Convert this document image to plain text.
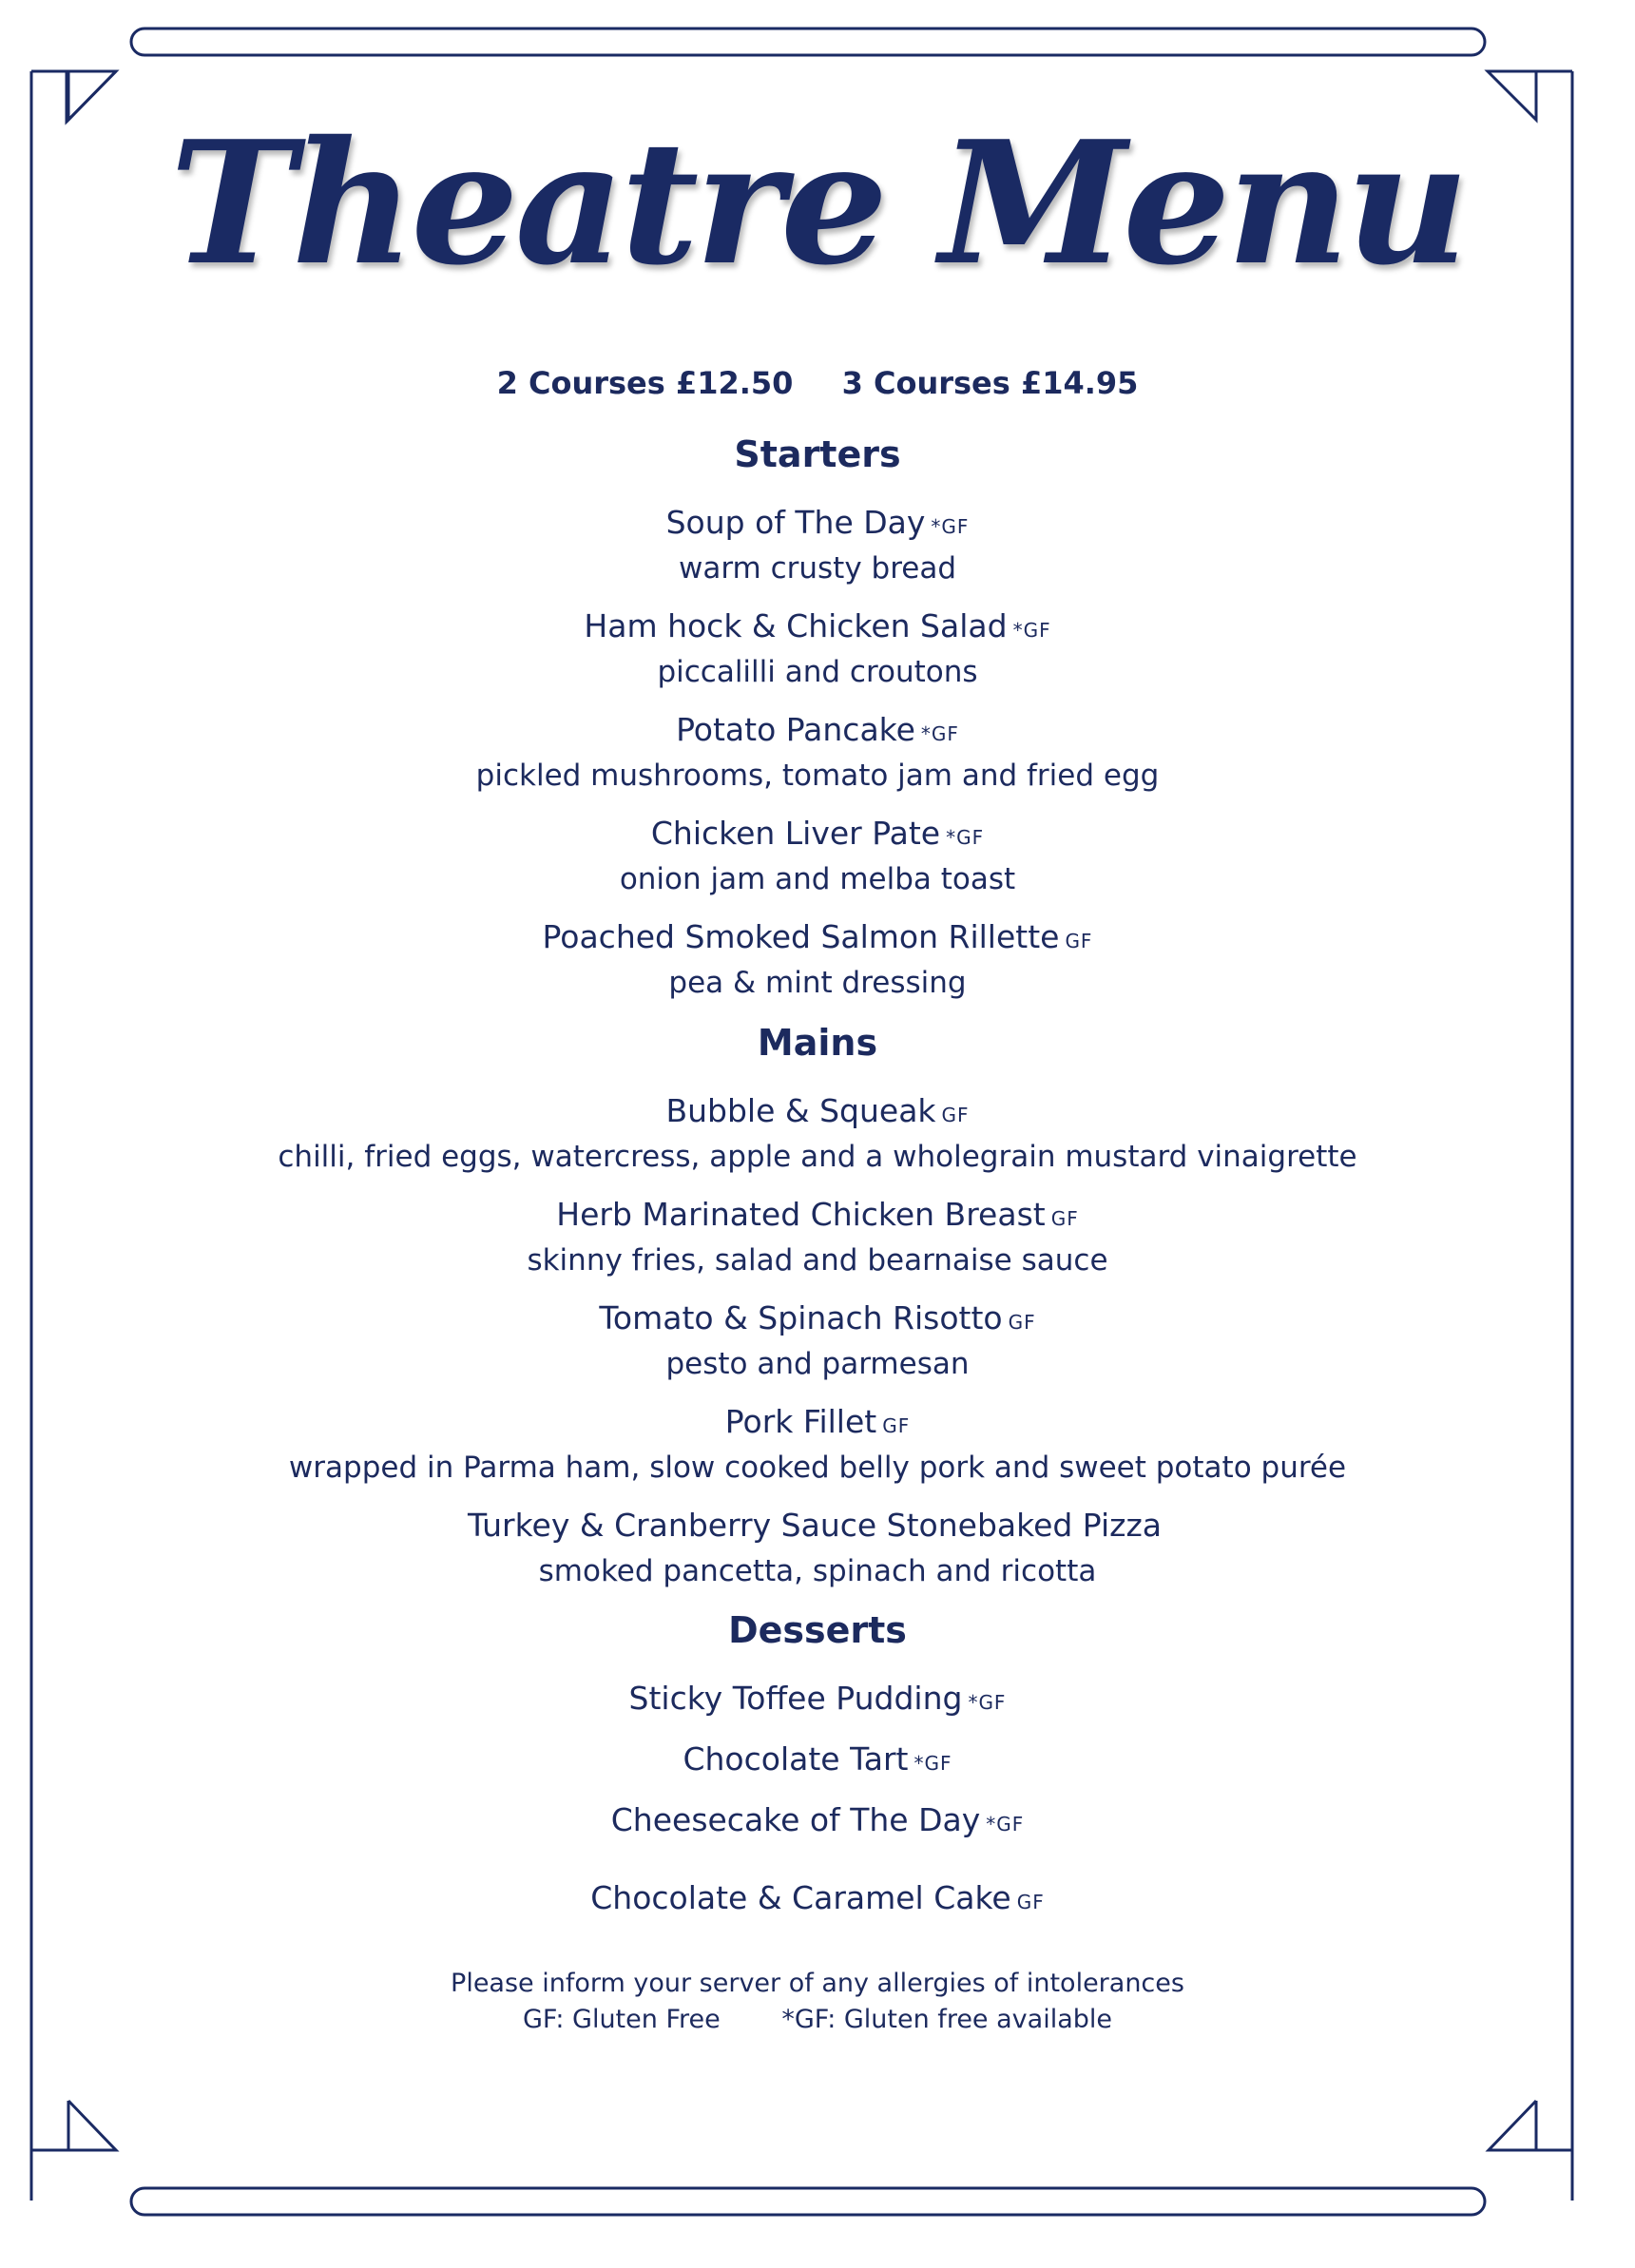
Theatre Menu
2 Courses £12.50 3 Courses £14.95
Starters
Soup of The Day *GF
warm crusty bread
Ham hock & Chicken Salad *GF
piccalilli and croutons
Potato Pancake *GF
pickled mushrooms, tomato jam and fried egg
Chicken Liver Pate *GF
onion jam and melba toast
Poached Smoked Salmon Rillette GF
pea & mint dressing
Mains
Bubble & Squeak GF
chilli, fried eggs, watercress, apple and a wholegrain mustard vinaigrette
Herb Marinated Chicken Breast GF
skinny fries, salad and bearnaise sauce
Tomato & Spinach Risotto GF
pesto and parmesan
Pork Fillet GF
wrapped in Parma ham, slow cooked belly pork and sweet potato purée
Turkey & Cranberry Sauce Stonebaked Pizza
smoked pancetta, spinach and ricotta
Desserts
Sticky Toffee Pudding *GF
Chocolate Tart *GF
Cheesecake of The Day *GF
Chocolate & Caramel Cake GF
Please inform your server of any allergies of intolerances
GF: Gluten Free *GF: Gluten free available
